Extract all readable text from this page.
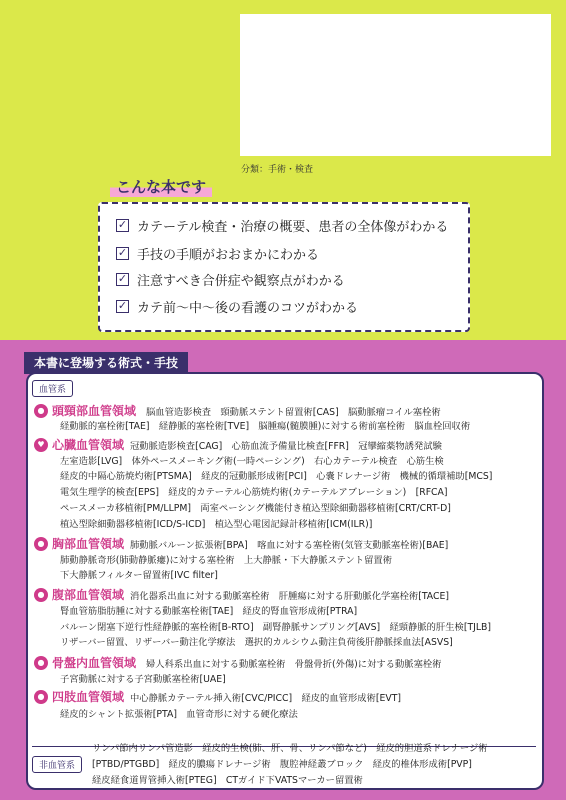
分類：手術・検査
こんな本です
✓ カテーテル検査・治療の概要、患者の全体像がわかる
✓ 手技の手順がおおまかにわかる
✓ 注意すべき合併症や観察点がわかる
✓ カテ前～中～後の看護のコツがわかる
本書に登場する術式・手技
血管系
● 頭頸部血管領域 脳血管造影検査　頸動脈ステント留置術[CAS]　脳動脈瘤コイル塞栓術
経動脈的塞栓術[TAE]　経静脈的塞栓術[TVE]　脳腫瘍(髄膜腫)に対する術前塞栓術　脳血栓回収術
♥ 心臓血管領域 冠動脈造影検査[CAG]　心筋血流予備量比検査[FFR]　冠攣縮薬物誘発試験
左室造影[LVG]　体外ペースメーキング術(一時ペーシング)　右心カテーテル検査　心筋生検
経皮的中隔心筋焼灼術[PTSMA]　経皮的冠動脈形成術[PCI]　心嚢ドレナージ術　機械的循環補助[MCS]
電気生理学的検査[EPS]　経皮的カテーテル心筋焼灼術(カテーテルアブレーション)　[RFCA]
ペースメーカ移植術[PM/LLPM]　両室ペーシング機能付き植込型除細動器移植術[CRT/CRT-D]
植込型除細動器移植術[ICD/S-ICD]　植込型心電図記録計移植術[ICM(ILR)]
● 胸部血管領域 肺動脈バルーン拡張術[BPA]　喀血に対する塞栓術(気管支動脈塞栓術)[BAE]
肺動静脈奇形(肺動静脈瘻)に対する塞栓術　上大静脈・下大静脈ステント留置術
下大静脈フィルター留置術[IVC filter]
● 腹部血管領域 消化器系出血に対する動脈塞栓術　肝腫瘍に対する肝動脈化学塞栓術[TACE]
腎血管筋脂肪腫に対する動脈塞栓術[TAE]　経皮的腎血管形成術[PTRA]
バルーン閉塞下逆行性経静脈的塞栓術[B-RTO]　副腎静脈サンプリング[AVS]　経頸静脈的肝生検[TJLB]
リザーバー留置、リザーバー動注化学療法　選択的カルシウム動注負荷後肝静脈採血法[ASVS]
● 骨盤内血管領域 婦人科系出血に対する動脈塞栓術　骨盤骨折(外傷)に対する動脈塞栓術
子宮動脈に対する子宮動脈塞栓術[UAE]
● 四肢血管領域 中心静脈カテーテル挿入術[CVC/PICC]　経皮的血管形成術[EVT]
経皮的シャント拡張術[PTA]　血管奇形に対する硬化療法
非血管系
リンパ節内リンパ管造影　経皮的生検(肺、肝、骨、リンパ節など)　経皮的胆道系ドレナージ術
[PTBD/PTGBD]　経皮的膿瘍ドレナージ術　腹腔神経叢ブロック　経皮的椎体形成術[PVP]
経皮経食道胃管挿入術[PTEG]　CTガイド下VATSマーカー留置術
